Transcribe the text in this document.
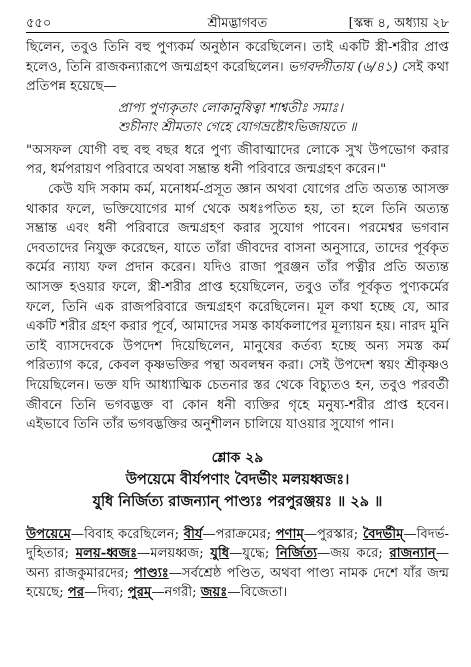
৫৫০	শ্রীমদ্ভাগবত	[স্কন্ধ ৪, অধ্যায় ২৮

ছিলেন, তবুও তিনি বহু পুণ্যকর্ম অনুষ্ঠান করেছিলেন। তাই একটি স্ত্রী-শরীর প্রাপ্ত হলেও, তিনি রাজকন্যারূপে জন্মগ্রহণ করেছিলেন। ভগবদ্গীতায় (৬/৪১) সেই কথা প্রতিপন্ন হয়েছে—

প্রাপ্য পুণ্যকৃতাং লোকানুষিত্বা শাশ্বতীঃ সমাঃ।
শুচীনাং শ্রীমতাং গেহে যোগভ্রষ্টোঽভিজায়তে ॥

"অসফল যোগী বহু বহু বছর ধরে পুণ্য জীবাত্মাদের লোকে সুখ উপভোগ করার পর, ধর্মপরায়ণ পরিবারে অথবা সম্ভ্রান্ত ধনী পরিবারে জন্মগ্রহণ করেন।"

কেউ যদি সকাম কর্ম, মনোধর্ম-প্রসূত জ্ঞান অথবা যোগের প্রতি অত্যন্ত আসক্ত থাকার ফলে, ভক্তিযোগের মার্গ থেকে অধঃপতিত হয়, তা হলে তিনি অত্যন্ত সম্ভ্রান্ত এবং ধনী পরিবারে জন্মগ্রহণ করার সুযোগ পাবেন। পরমেশ্বর ভগবান দেবতাদের নিযুক্ত করেছেন, যাতে তাঁরা জীবদের বাসনা অনুসারে, তাদের পূর্বকৃত কর্মের ন্যায্য ফল প্রদান করেন। যদিও রাজা পুরঞ্জন তাঁর পত্নীর প্রতি অত্যন্ত আসক্ত হওয়ার ফলে, স্ত্রী-শরীর প্রাপ্ত হয়েছিলেন, তবুও তাঁর পূর্বকৃত পুণ্যকর্মের ফলে, তিনি এক রাজপরিবারে জন্মগ্রহণ করেছিলেন। মূল কথা হচ্ছে যে, আর একটি শরীর গ্রহণ করার পূর্বে, আমাদের সমস্ত কার্যকলাপের মূল্যায়ন হয়। নারদ মুনি তাই ব্যাসদেবকে উপদেশ দিয়েছিলেন, মানুষের কর্তব্য হচ্ছে অন্য সমস্ত কর্ম পরিত্যাগ করে, কেবল কৃষ্ণভক্তির পন্থা অবলম্বন করা। সেই উপদেশ স্বয়ং শ্রীকৃষ্ণও দিয়েছিলেন। ভক্ত যদি আধ্যাত্মিক চেতনার স্তর থেকে বিচ্যুতও হন, তবুও পরবর্তী জীবনে তিনি ভগবদ্ভক্ত বা কোন ধনী ব্যক্তির গৃহে মনুষ্য-শরীর প্রাপ্ত হবেন। এইভাবে তিনি তাঁর ভগবদ্ভক্তির অনুশীলন চালিয়ে যাওয়ার সুযোগ পান।

শ্লোক ২৯
উপয়েমে বীর্যপণাং বৈদর্ভীং মলয়ধ্বজঃ।
যুধি নির্জিত্য রাজন্যান্ পাণ্ড্যঃ পরপুরঞ্জয়ঃ ॥ ২৯ ॥

উপয়েমে—বিবাহ করেছিলেন; বীর্য—পরাক্রমের; পণাম্—পুরস্কার; বৈদর্ভীম্—বিদর্ভ-দুহিতার; মলয়-ধ্বজঃ—মলয়ধ্বজ; যুধি—যুদ্ধে; নির্জিত্য—জয় করে; রাজন্যান্—অন্য রাজকুমারদের; পাণ্ড্যঃ—সর্বশ্রেষ্ঠ পণ্ডিত, অথবা পাণ্ড্য নামক দেশে যাঁর জন্ম হয়েছে; পর—দিব্য; পুরম্—নগরী; জয়ঃ—বিজেতা।
